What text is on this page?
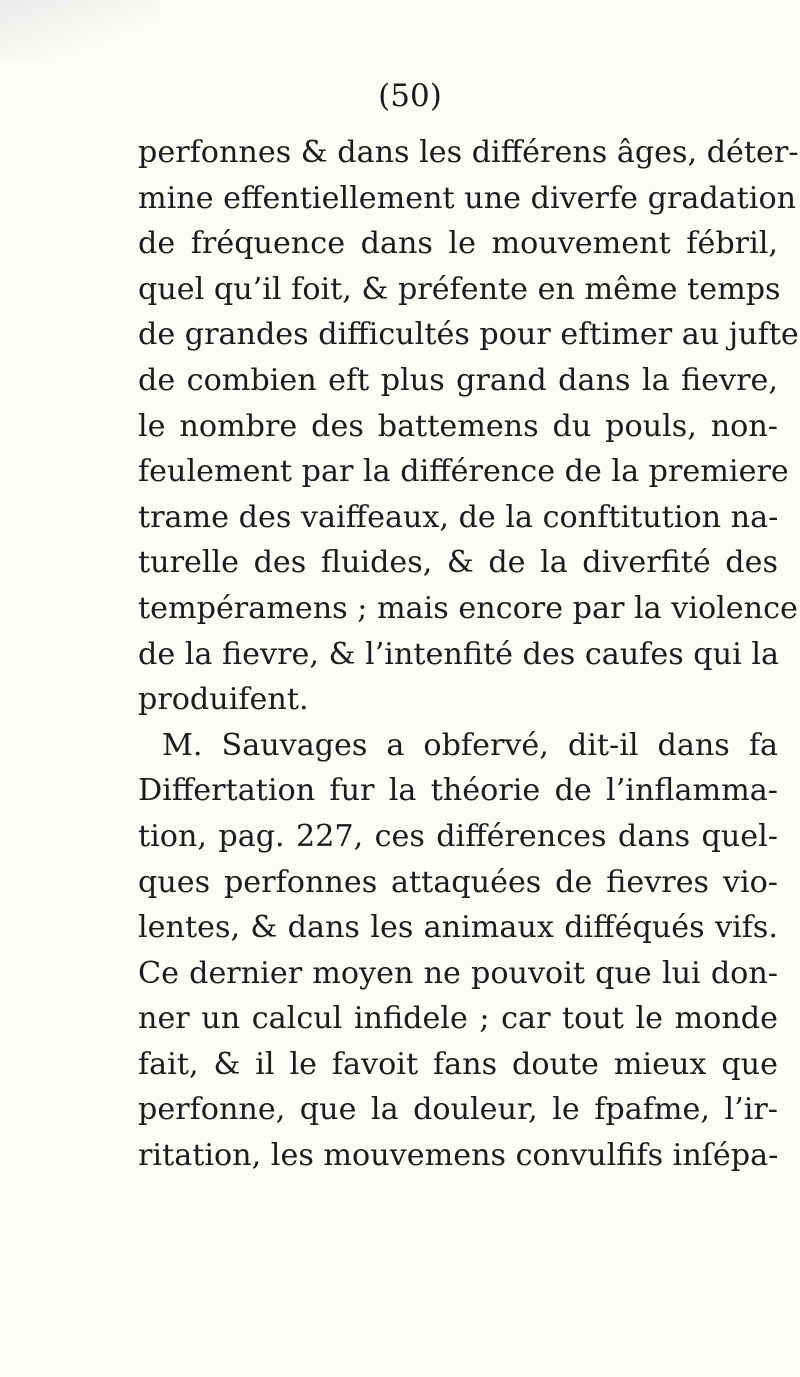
(50)
perfonnes & dans les différens âges, déter-
mine effentiellement une diverfe gradation
de fréquence dans le mouvement fébril,
quel qu’il foit, & préfente en même temps
de grandes difficultés pour eftimer au jufte
de combien eft plus grand dans la fievre,
le nombre des battemens du pouls, non-
feulement par la différence de la premiere
trame des vaiffeaux, de la conftitution na-
turelle des fluides, & de la diverfité des
tempéramens ; mais encore par la violence
de la fievre, & l’intenfité des caufes qui la
produifent.
M. Sauvages a obfervé, dit-il dans fa
Differtation fur la théorie de l’inflamma-
tion, pag. 227, ces différences dans quel-
ques perfonnes attaquées de fievres vio-
lentes, & dans les animaux difféqués vifs.
Ce dernier moyen ne pouvoit que lui don-
ner un calcul infidele ; car tout le monde
fait, & il le favoit fans doute mieux que
perfonne, que la douleur, le fpafme, l’ir-
ritation, les mouvemens convulfifs inſépa-
